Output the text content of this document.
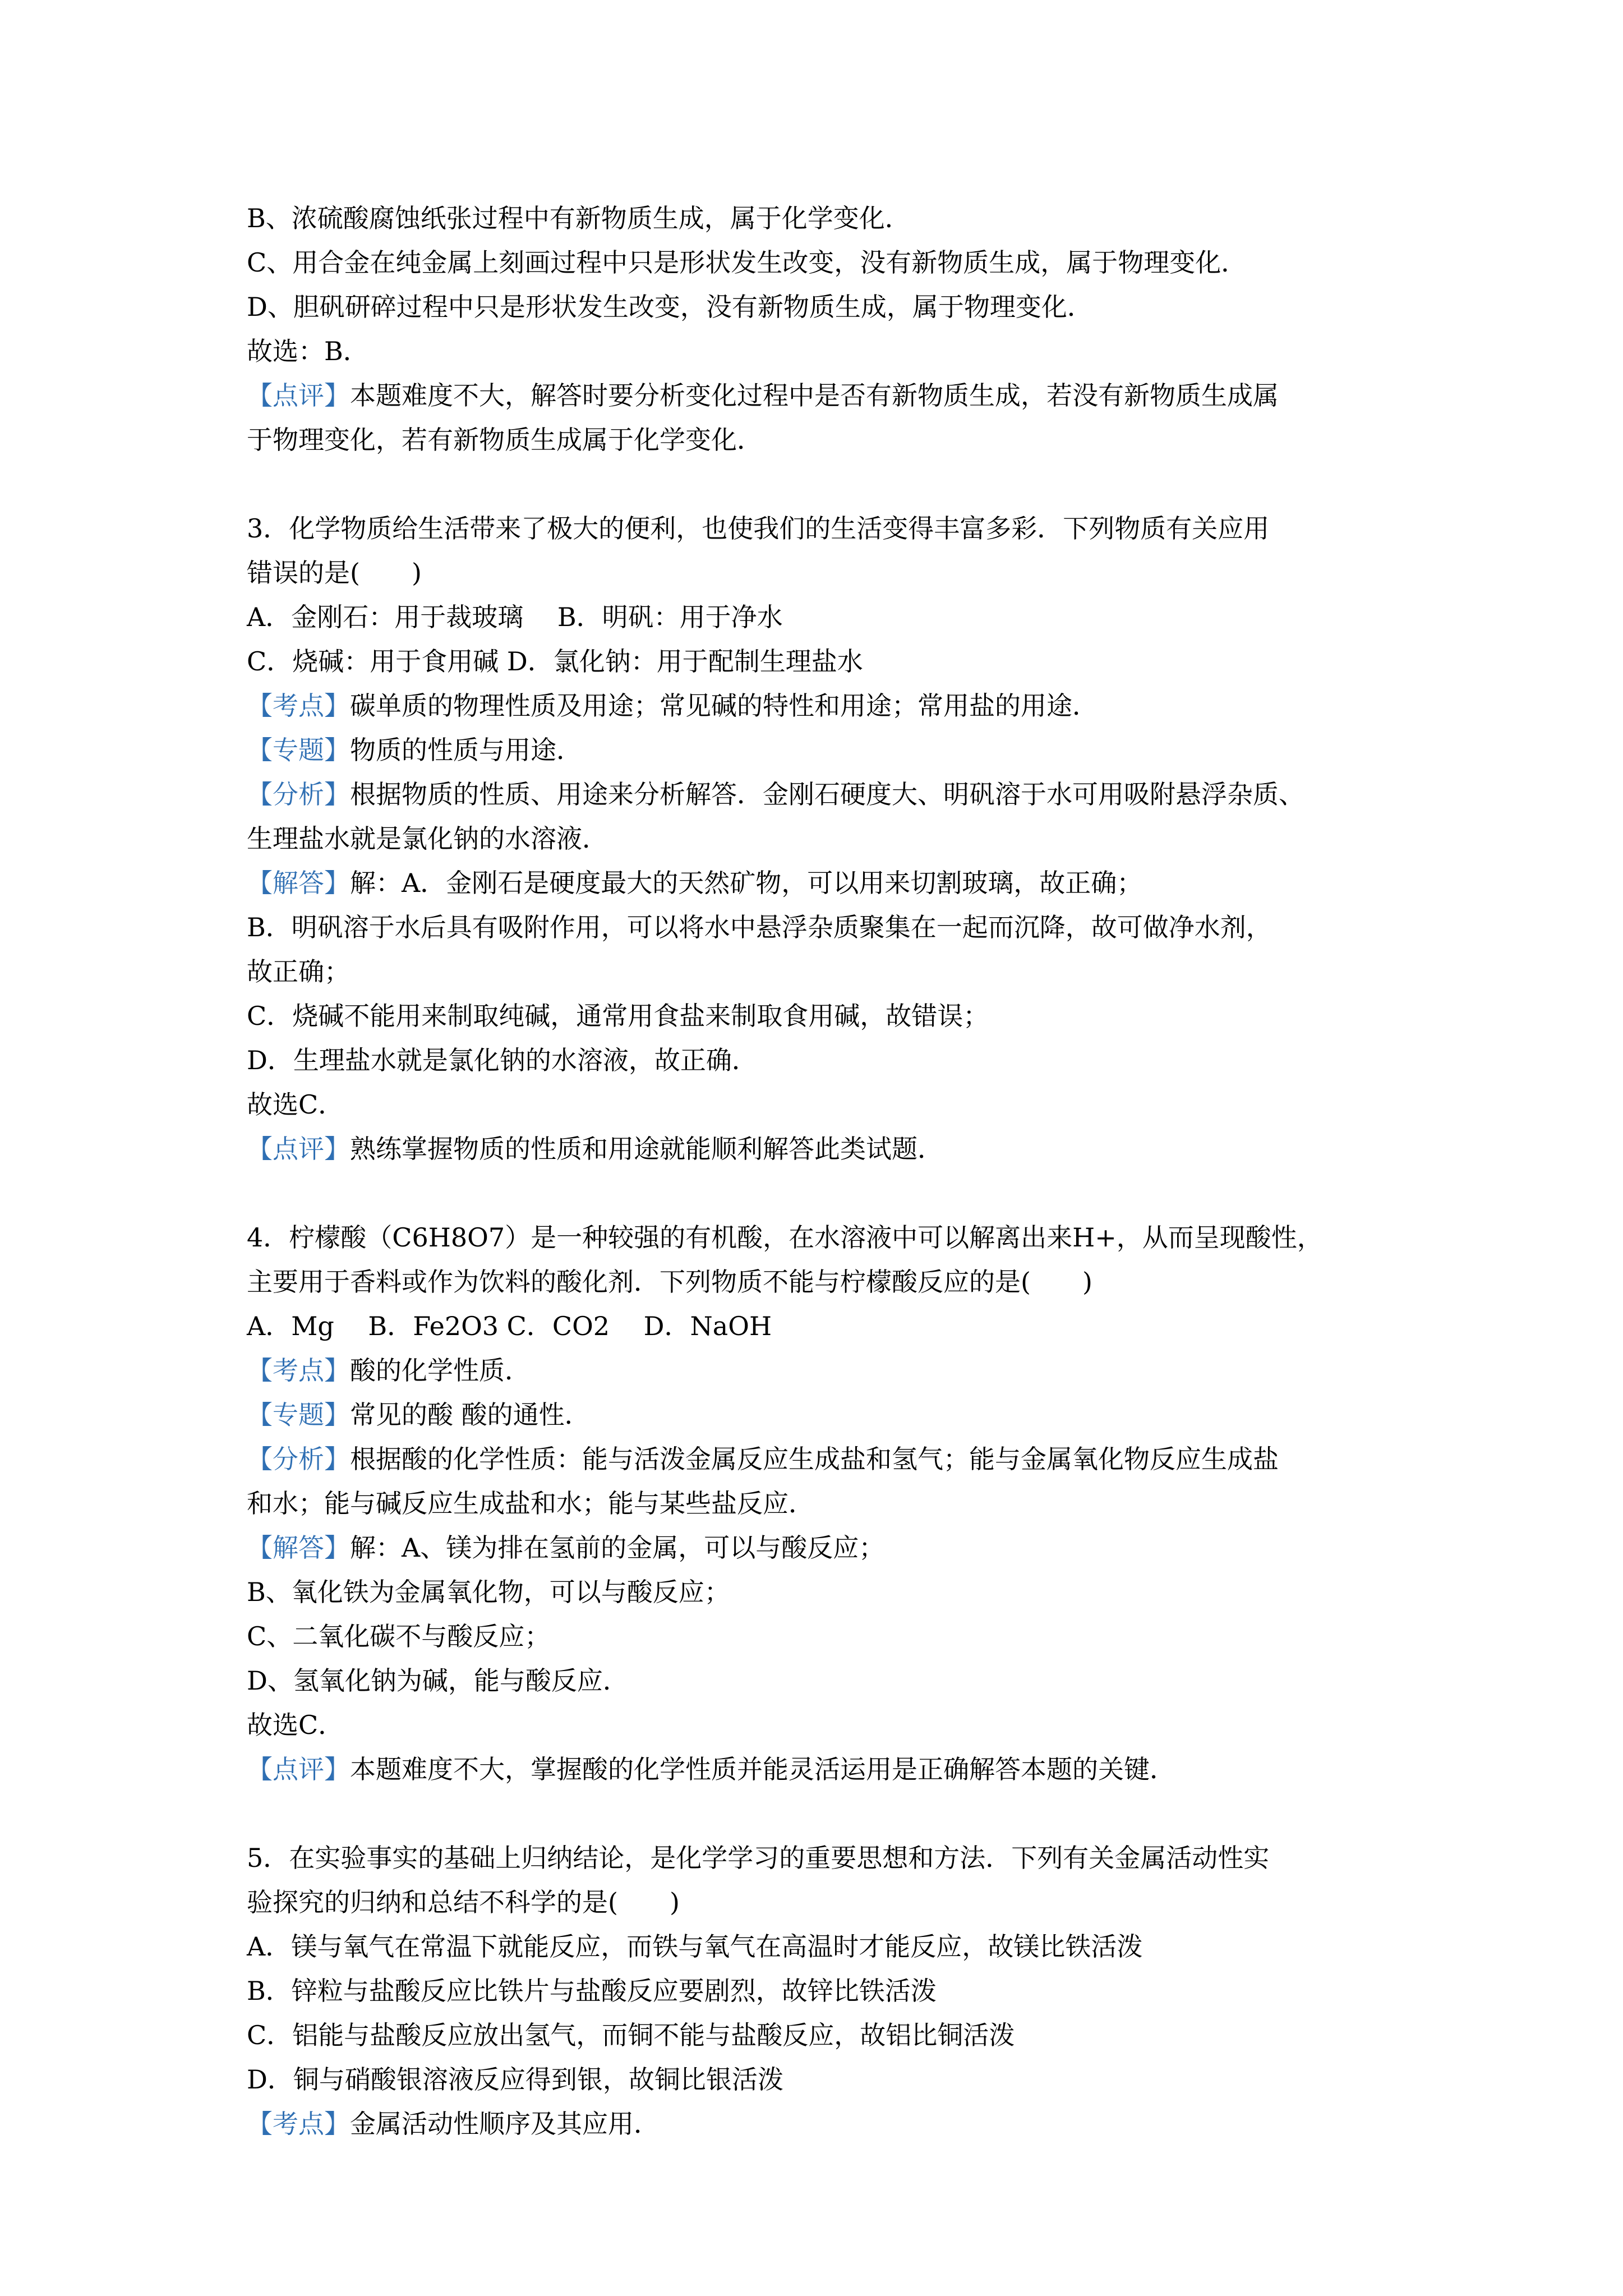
B、浓硫酸腐蚀纸张过程中有新物质生成，属于化学变化．
C、用合金在纯金属上刻画过程中只是形状发生改变，没有新物质生成，属于物理变化．
D、胆矾研碎过程中只是形状发生改变，没有新物质生成，属于物理变化．
故选：B．
【点评】本题难度不大，解答时要分析变化过程中是否有新物质生成，若没有新物质生成属
于物理变化，若有新物质生成属于化学变化．
3．化学物质给生活带来了极大的便利，也使我们的生活变得丰富多彩．下列物质有关应用
错误的是(　　)
A．金刚石：用于裁玻璃　 B．明矾：用于净水
C．烧碱：用于食用碱 D．氯化钠：用于配制生理盐水
【考点】碳单质的物理性质及用途；常见碱的特性和用途；常用盐的用途．
【专题】物质的性质与用途．
【分析】根据物质的性质、用途来分析解答．金刚石硬度大、明矾溶于水可用吸附悬浮杂质、
生理盐水就是氯化钠的水溶液．
【解答】解：A．金刚石是硬度最大的天然矿物，可以用来切割玻璃，故正确；
B．明矾溶于水后具有吸附作用，可以将水中悬浮杂质聚集在一起而沉降，故可做净水剂，
故正确；
C．烧碱不能用来制取纯碱，通常用食盐来制取食用碱，故错误；
D．生理盐水就是氯化钠的水溶液，故正确．
故选C．
【点评】熟练掌握物质的性质和用途就能顺利解答此类试题．
4．柠檬酸（C6H8O7）是一种较强的有机酸，在水溶液中可以解离出来H+，从而呈现酸性，
主要用于香料或作为饮料的酸化剂．下列物质不能与柠檬酸反应的是(　　)
A．Mg　 B．Fe2O3 C．CO2　 D．NaOH
【考点】酸的化学性质．
【专题】常见的酸 酸的通性．
【分析】根据酸的化学性质：能与活泼金属反应生成盐和氢气；能与金属氧化物反应生成盐
和水；能与碱反应生成盐和水；能与某些盐反应．
【解答】解：A、镁为排在氢前的金属，可以与酸反应；
B、氧化铁为金属氧化物，可以与酸反应；
C、二氧化碳不与酸反应；
D、氢氧化钠为碱，能与酸反应．
故选C．
【点评】本题难度不大，掌握酸的化学性质并能灵活运用是正确解答本题的关键．
5．在实验事实的基础上归纳结论，是化学学习的重要思想和方法．下列有关金属活动性实
验探究的归纳和总结不科学的是(　　)
A．镁与氧气在常温下就能反应，而铁与氧气在高温时才能反应，故镁比铁活泼
B．锌粒与盐酸反应比铁片与盐酸反应要剧烈，故锌比铁活泼
C．铝能与盐酸反应放出氢气，而铜不能与盐酸反应，故铝比铜活泼
D．铜与硝酸银溶液反应得到银，故铜比银活泼
【考点】金属活动性顺序及其应用．
